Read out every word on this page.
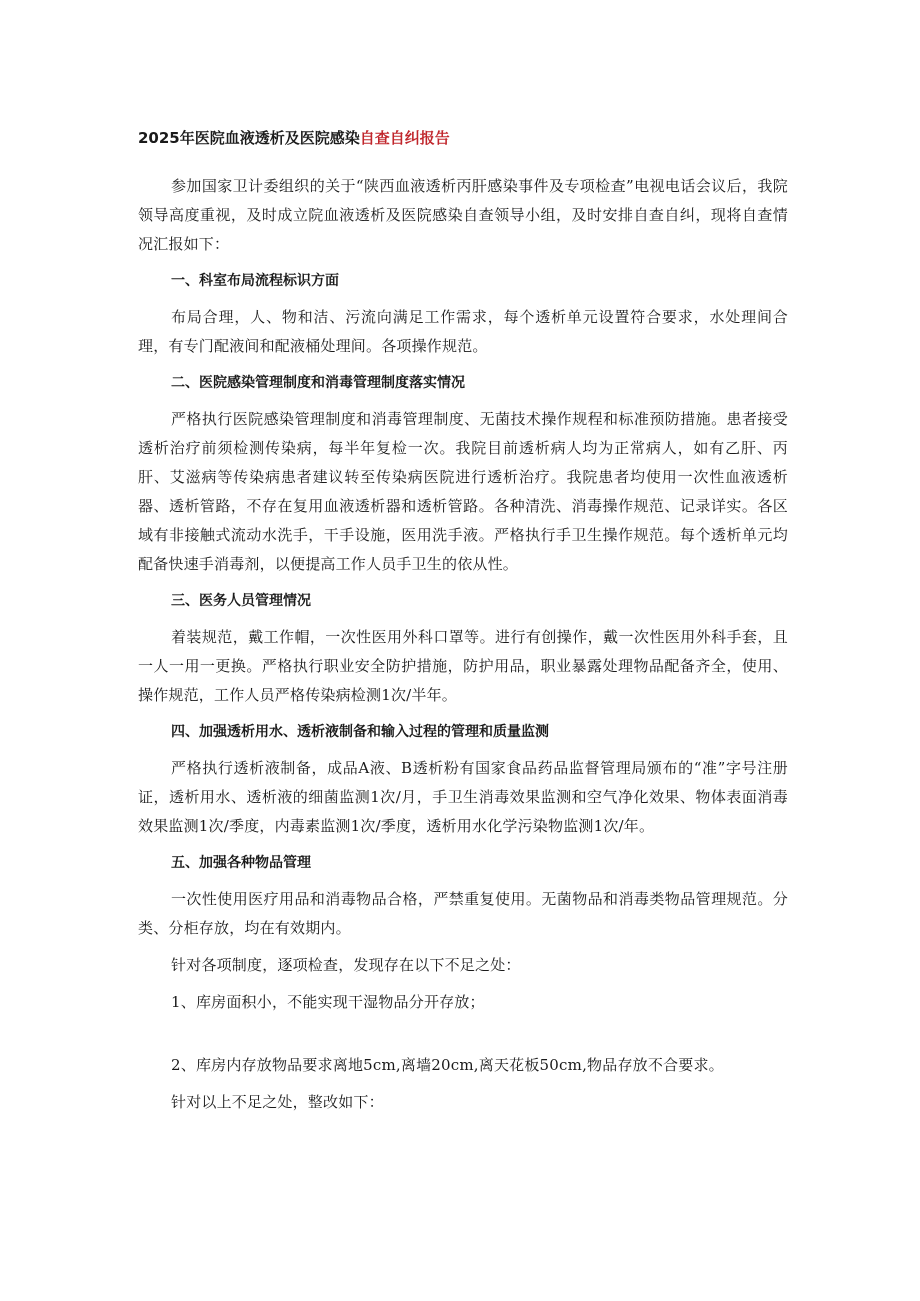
2025年医院血液透析及医院感染自查自纠报告

参加国家卫计委组织的关于“陕西血液透析丙肝感染事件及专项检查”电视电话会议后，我院领导高度重视，及时成立院血液透析及医院感染自查领导小组，及时安排自查自纠，现将自查情况汇报如下：

一、科室布局流程标识方面

布局合理，人、物和洁、污流向满足工作需求，每个透析单元设置符合要求，水处理间合理，有专门配液间和配液桶处理间。各项操作规范。

二、医院感染管理制度和消毒管理制度落实情况

严格执行医院感染管理制度和消毒管理制度、无菌技术操作规程和标准预防措施。患者接受透析治疗前须检测传染病，每半年复检一次。我院目前透析病人均为正常病人，如有乙肝、丙肝、艾滋病等传染病患者建议转至传染病医院进行透析治疗。我院患者均使用一次性血液透析器、透析管路，不存在复用血液透析器和透析管路。各种清洗、消毒操作规范、记录详实。各区域有非接触式流动水洗手，干手设施，医用洗手液。严格执行手卫生操作规范。每个透析单元均配备快速手消毒剂，以便提高工作人员手卫生的依从性。

三、医务人员管理情况

着装规范，戴工作帽，一次性医用外科口罩等。进行有创操作，戴一次性医用外科手套，且一人一用一更换。严格执行职业安全防护措施，防护用品，职业暴露处理物品配备齐全，使用、操作规范，工作人员严格传染病检测1次/半年。

四、加强透析用水、透析液制备和输入过程的管理和质量监测

严格执行透析液制备，成品A液、B透析粉有国家食品药品监督管理局颁布的“准”字号注册证，透析用水、透析液的细菌监测1次/月，手卫生消毒效果监测和空气净化效果、物体表面消毒效果监测1次/季度，内毒素监测1次/季度，透析用水化学污染物监测1次/年。

五、加强各种物品管理

一次性使用医疗用品和消毒物品合格，严禁重复使用。无菌物品和消毒类物品管理规范。分类、分柜存放，均在有效期内。

针对各项制度，逐项检查，发现存在以下不足之处：

1、库房面积小，不能实现干湿物品分开存放；

2、库房内存放物品要求离地5cm,离墙20cm,离天花板50cm,物品存放不合要求。

针对以上不足之处，整改如下：
